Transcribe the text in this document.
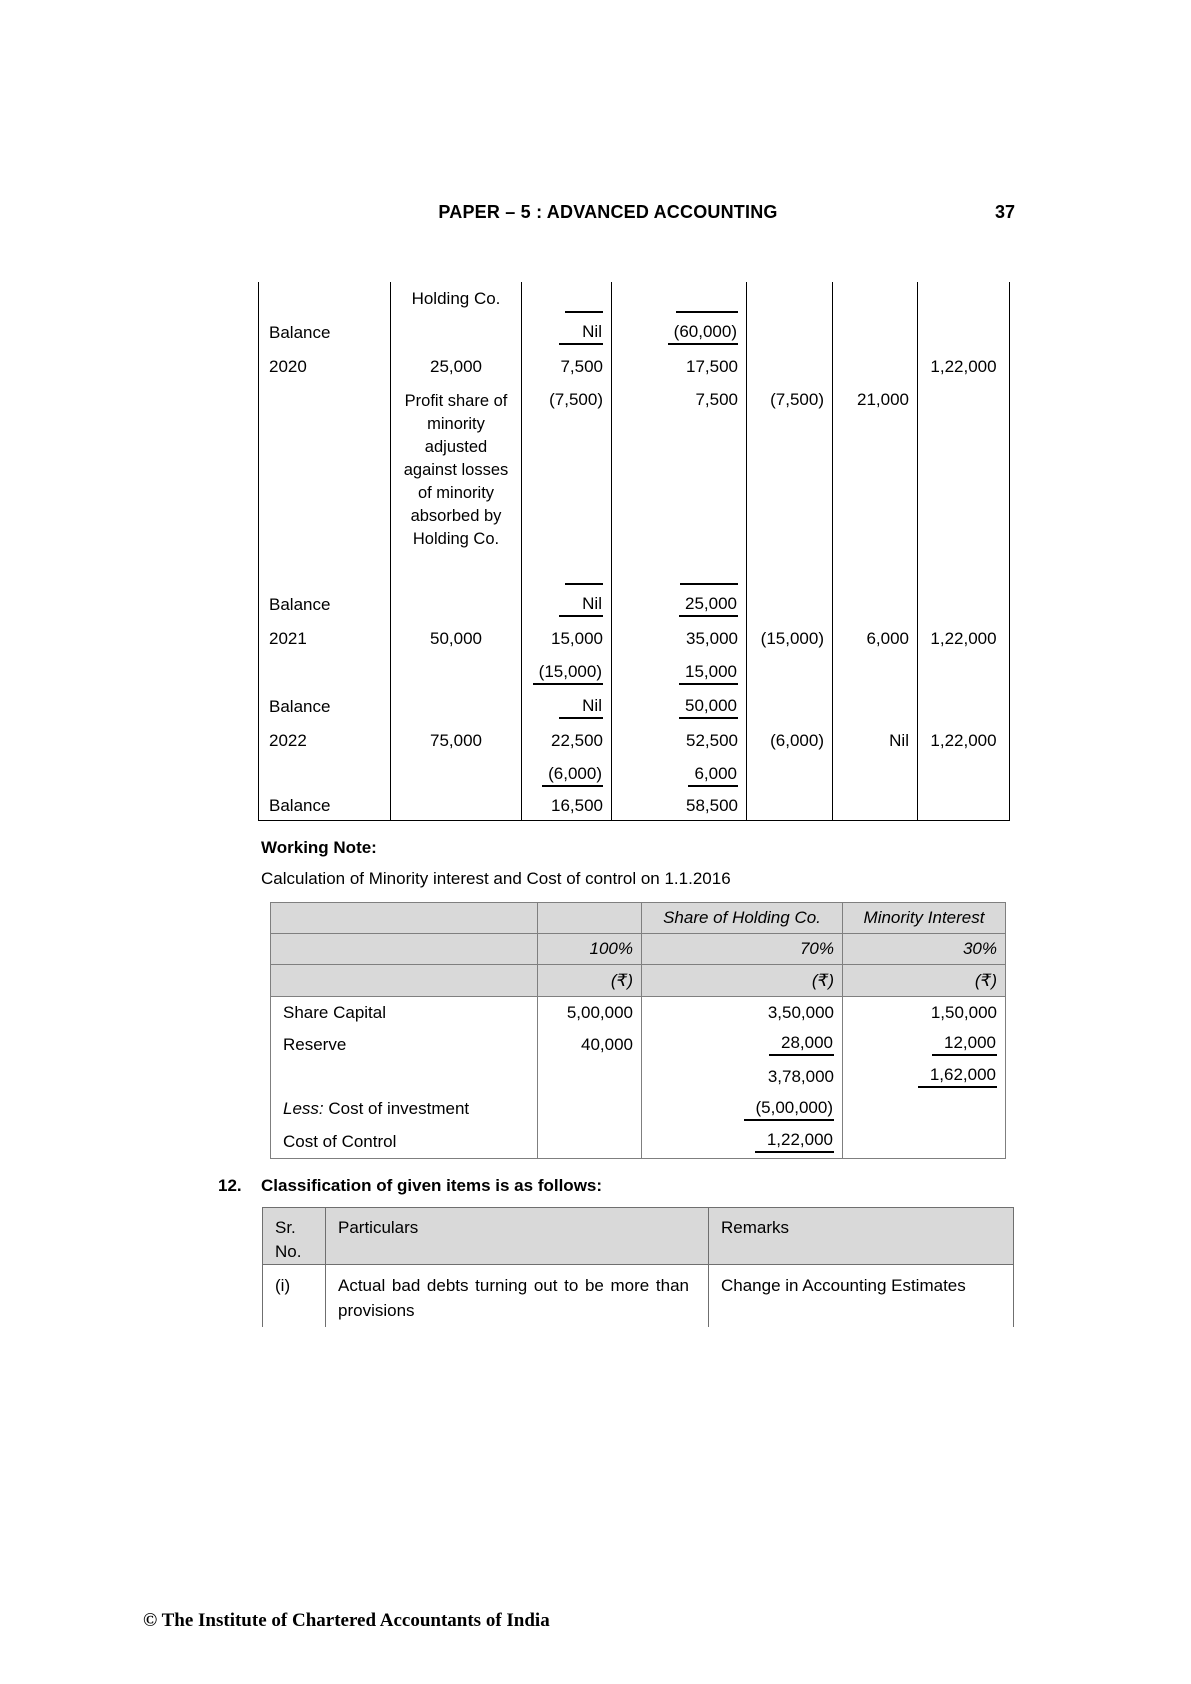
PAPER – 5 : ADVANCED ACCOUNTING	37
	Holding Co.	

Balance		Nil	(60,000)			
2020	25,000	7,500	17,500			1,22,000
	Profit share of minority adjusted against losses of minority absorbed by Holding Co.	(7,500)	7,500	(7,500)	21,000	
Balance		Nil	25,000			
2021	50,000	15,000	35,000	(15,000)	6,000	1,22,000
		(15,000)	15,000			
Balance		Nil	50,000			
2022	75,000	22,500	52,500	(6,000)	Nil	1,22,000
		(6,000)	6,000			
Balance		16,500	58,500			
Working Note:
Calculation of Minority interest and Cost of control on 1.1.2016
		Share of Holding Co.	Minority Interest
	100%	70%	30%
	(₹)	(₹)	(₹)
Share Capital	5,00,000	3,50,000	1,50,000
Reserve	40,000	28,000	12,000
		3,78,000	1,62,000
Less: Cost of investment		(5,00,000)	
Cost of Control		1,22,000	
12. Classification of given items is as follows:
Sr.
No.	Particulars	Remarks
(i)	Actual bad debts turning out to be more than provisions	Change in Accounting Estimates
© The Institute of Chartered Accountants of India
